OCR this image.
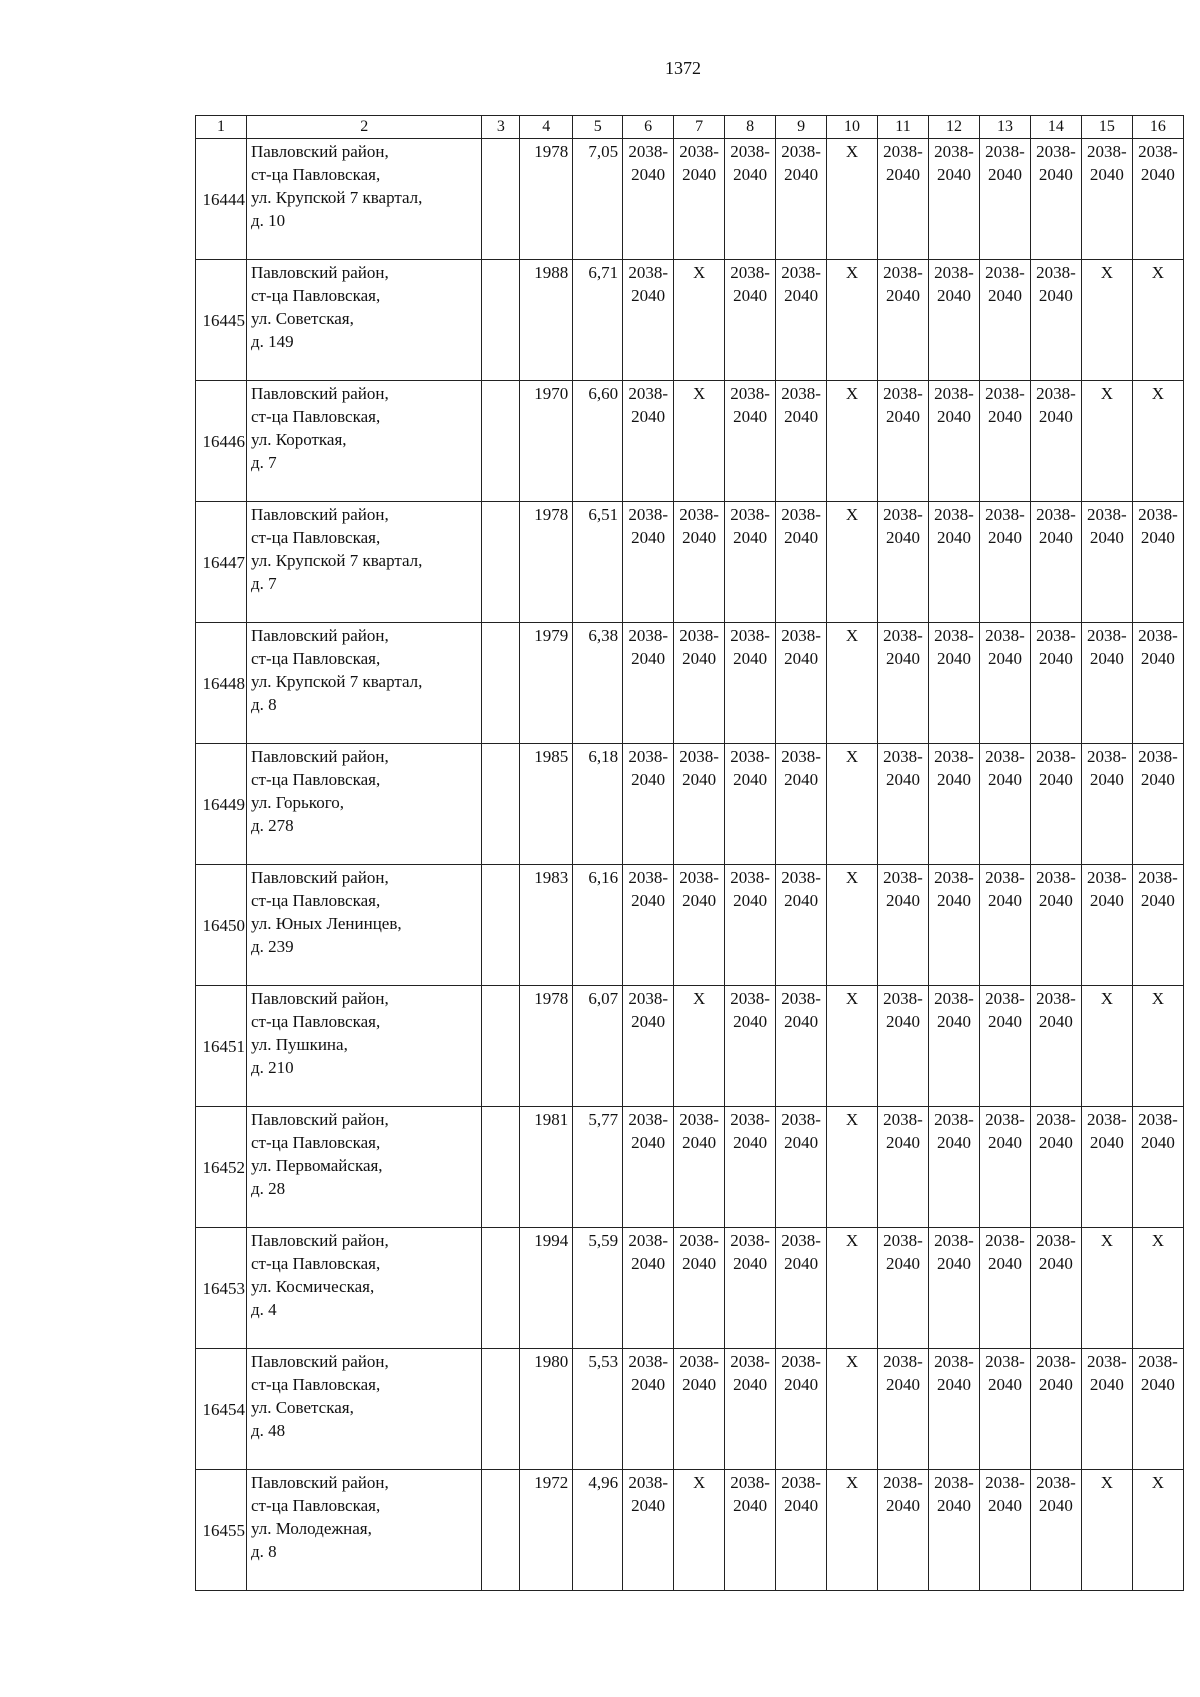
1372
1	2	3	4	5	6	7	8	9	10	11	12	13	14	15	16
16444	Павловский район,
ст-ца Павловская,
ул. Крупской 7 квартал,
д. 10		1978	7,05	2038-
2040	2038-
2040	2038-
2040	2038-
2040	Х	2038-
2040	2038-
2040	2038-
2040	2038-
2040	2038-
2040	2038-
2040

16445	Павловский район,
ст-ца Павловская,
ул. Советская,
д. 149		1988	6,71	2038-
2040	Х	2038-
2040	2038-
2040	Х	2038-
2040	2038-
2040	2038-
2040	2038-
2040	Х	Х

16446	Павловский район,
ст-ца Павловская,
ул. Короткая,
д. 7		1970	6,60	2038-
2040	Х	2038-
2040	2038-
2040	Х	2038-
2040	2038-
2040	2038-
2040	2038-
2040	Х	Х

16447	Павловский район,
ст-ца Павловская,
ул. Крупской 7 квартал,
д. 7		1978	6,51	2038-
2040	2038-
2040	2038-
2040	2038-
2040	Х	2038-
2040	2038-
2040	2038-
2040	2038-
2040	2038-
2040	2038-
2040

16448	Павловский район,
ст-ца Павловская,
ул. Крупской 7 квартал,
д. 8		1979	6,38	2038-
2040	2038-
2040	2038-
2040	2038-
2040	Х	2038-
2040	2038-
2040	2038-
2040	2038-
2040	2038-
2040	2038-
2040

16449	Павловский район,
ст-ца Павловская,
ул. Горького,
д. 278		1985	6,18	2038-
2040	2038-
2040	2038-
2040	2038-
2040	Х	2038-
2040	2038-
2040	2038-
2040	2038-
2040	2038-
2040	2038-
2040

16450	Павловский район,
ст-ца Павловская,
ул. Юных Ленинцев,
д. 239		1983	6,16	2038-
2040	2038-
2040	2038-
2040	2038-
2040	Х	2038-
2040	2038-
2040	2038-
2040	2038-
2040	2038-
2040	2038-
2040

16451	Павловский район,
ст-ца Павловская,
ул. Пушкина,
д. 210		1978	6,07	2038-
2040	Х	2038-
2040	2038-
2040	Х	2038-
2040	2038-
2040	2038-
2040	2038-
2040	Х	Х

16452	Павловский район,
ст-ца Павловская,
ул. Первомайская,
д. 28		1981	5,77	2038-
2040	2038-
2040	2038-
2040	2038-
2040	Х	2038-
2040	2038-
2040	2038-
2040	2038-
2040	2038-
2040	2038-
2040

16453	Павловский район,
ст-ца Павловская,
ул. Космическая,
д. 4		1994	5,59	2038-
2040	2038-
2040	2038-
2040	2038-
2040	Х	2038-
2040	2038-
2040	2038-
2040	2038-
2040	Х	Х

16454	Павловский район,
ст-ца Павловская,
ул. Советская,
д. 48		1980	5,53	2038-
2040	2038-
2040	2038-
2040	2038-
2040	Х	2038-
2040	2038-
2040	2038-
2040	2038-
2040	2038-
2040	2038-
2040

16455	Павловский район,
ст-ца Павловская,
ул. Молодежная,
д. 8		1972	4,96	2038-
2040	Х	2038-
2040	2038-
2040	Х	2038-
2040	2038-
2040	2038-
2040	2038-
2040	Х	Х
